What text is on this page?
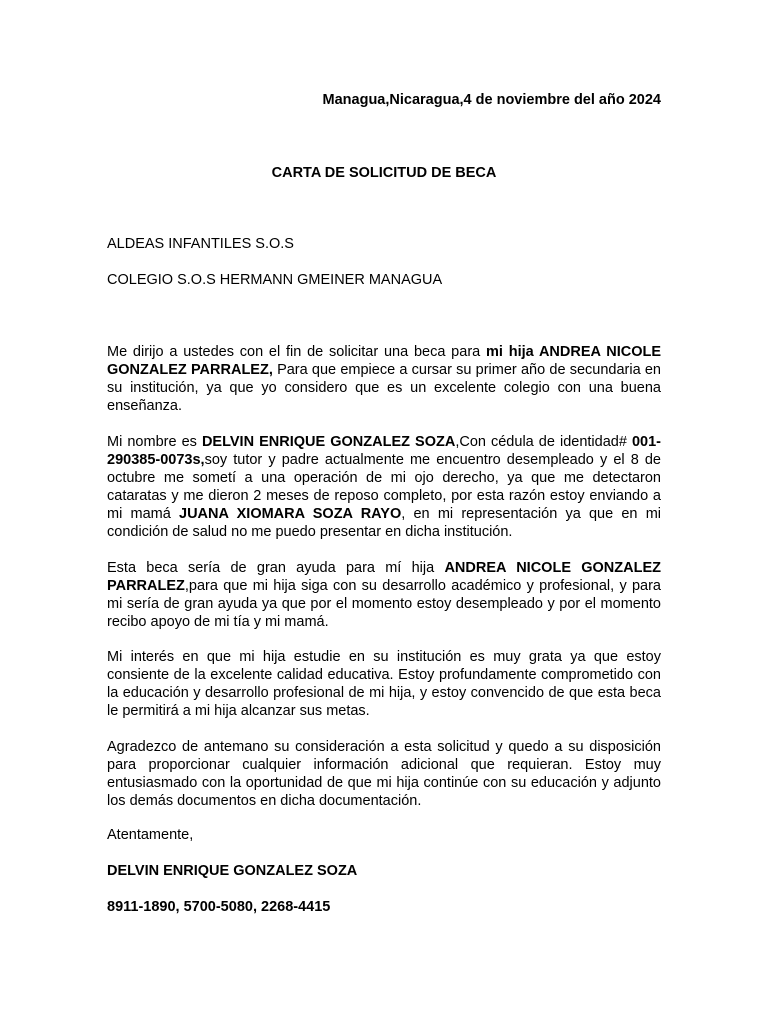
Managua,Nicaragua,4 de noviembre del año 2024
CARTA DE SOLICITUD DE BECA
ALDEAS INFANTILES S.O.S
COLEGIO S.O.S HERMANN GMEINER MANAGUA
Me dirijo a ustedes con el fin de solicitar una beca para mi hija ANDREA NICOLE GONZALEZ PARRALEZ, Para que empiece a cursar su primer año de secundaria en su institución, ya que yo considero que es un excelente colegio con una buena enseñanza.
Mi nombre es DELVIN ENRIQUE GONZALEZ SOZA,Con cédula de identidad# 001-290385-0073s,soy tutor y padre actualmente me encuentro desempleado y el 8 de octubre me sometí a una operación de mi ojo derecho, ya que me detectaron cataratas y me dieron 2 meses de reposo completo, por esta razón estoy enviando a mi mamá JUANA XIOMARA SOZA RAYO, en mi representación ya que en mi condición de salud no me puedo presentar en dicha institución.
Esta beca sería de gran ayuda para mí hija ANDREA NICOLE GONZALEZ PARRALEZ,para que mi hija siga con su desarrollo académico y profesional, y para mi sería de gran ayuda ya que por el momento estoy desempleado y por el momento recibo apoyo de mi tía y mi mamá.
Mi interés en que mi hija estudie en su institución es muy grata ya que estoy consiente de la excelente calidad educativa. Estoy profundamente comprometido con la educación y desarrollo profesional de mi hija, y estoy convencido de que esta beca le permitirá a mi hija alcanzar sus metas.
Agradezco de antemano su consideración a esta solicitud y quedo a su disposición para proporcionar cualquier información adicional que requieran. Estoy muy entusiasmado con la oportunidad de que mi hija continúe con su educación y adjunto los demás documentos en dicha documentación.
Atentamente,
DELVIN ENRIQUE GONZALEZ SOZA
8911-1890, 5700-5080, 2268-4415
